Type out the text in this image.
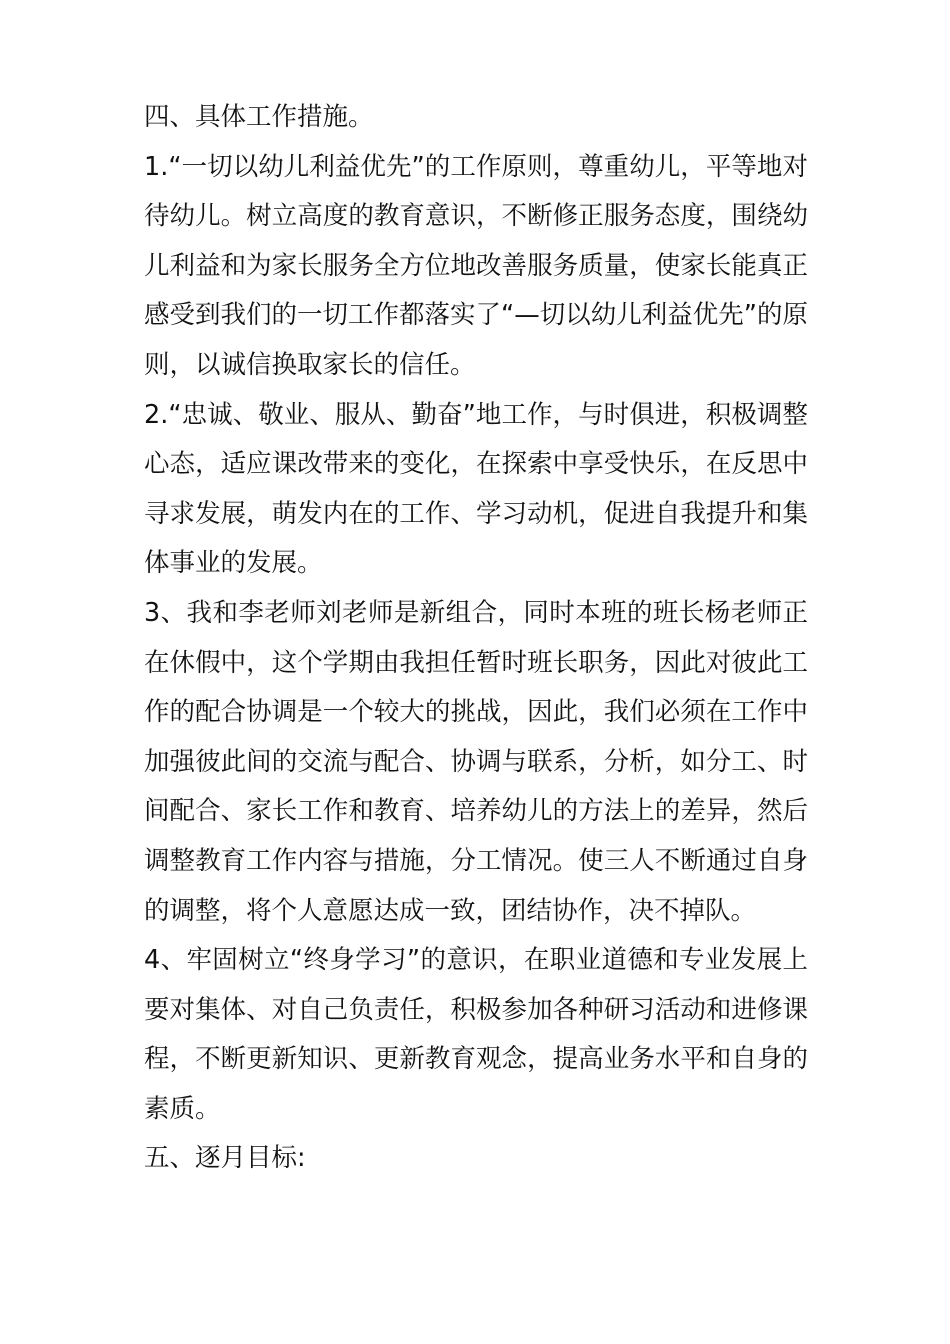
四、具体工作措施。

1.“一切以幼儿利益优先”的工作原则，尊重幼儿，平等地对待幼儿。树立高度的教育意识，不断修正服务态度，围绕幼儿利益和为家长服务全方位地改善服务质量，使家长能真正感受到我们的一切工作都落实了“—切以幼儿利益优先”的原则，以诚信换取家长的信任。

2.“忠诚、敬业、服从、勤奋”地工作，与时俱进，积极调整心态，适应课改带来的变化，在探索中享受快乐，在反思中寻求发展，萌发内在的工作、学习动机，促进自我提升和集体事业的发展。

3、我和李老师刘老师是新组合，同时本班的班长杨老师正在休假中，这个学期由我担任暂时班长职务，因此对彼此工作的配合协调是一个较大的挑战，因此，我们必须在工作中加强彼此间的交流与配合、协调与联系，分析，如分工、时间配合、家长工作和教育、培养幼儿的方法上的差异，然后调整教育工作内容与措施，分工情况。使三人不断通过自身的调整，将个人意愿达成一致，团结协作，决不掉队。

4、牢固树立“终身学习”的意识，在职业道德和专业发展上要对集体、对自己负责任，积极参加各种研习活动和进修课程，不断更新知识、更新教育观念，提高业务水平和自身的素质。

五、逐月目标:
